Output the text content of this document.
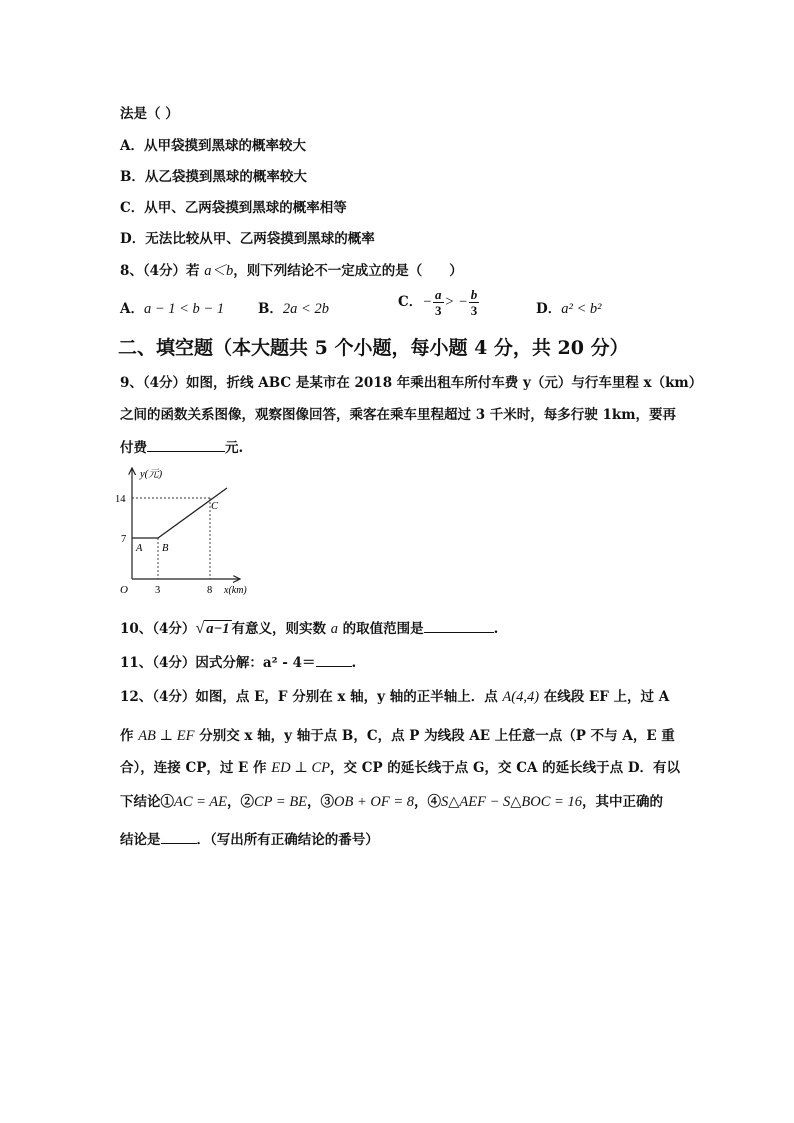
法是（ ）
A．从甲袋摸到黑球的概率较大
B．从乙袋摸到黑球的概率较大
C．从甲、乙两袋摸到黑球的概率相等
D．无法比较从甲、乙两袋摸到黑球的概率
8、（4分）若 a＜b，则下列结论不一定成立的是（　　）
A．a − 1 < b − 1	B．2a < 2b	C．− $\frac{a}{3}$ > − $\frac{b}{3}$	D．a² < b²
二、填空题（本大题共 5 个小题，每小题 4 分，共 20 分）
9、（4分）如图，折线 ABC 是某市在 2018 年乘出租车所付车费 y（元）与行车里程 x（km）
之间的函数关系图像，观察图像回答，乘客在乘车里程超过 3 千米时，每多行驶 1km，要再
付费	元.
y(元)
x(km)
O
14
7
3	8
A B
C
10、（4分）√ a−1 有意义，则实数 a 的取值范围是	.
11、（4分）因式分解：a² - 4＝	.
12、（4分）如图，点 E，F 分别在 x 轴，y 轴的正半轴上．点 A(4,4) 在线段 EF 上，过 A
作 AB ⊥ EF 分别交 x 轴，y 轴于点 B，C，点 P 为线段 AE 上任意一点（P 不与 A，E 重
合），连接 CP，过 E 作 ED ⊥ CP，交 CP 的延长线于点 G，交 CA 的延长线于点 D．有以
下结论①AC = AE，②CP = BE，③OB + OF = 8，④S△AEF − S△BOC = 16，其中正确的
结论是	．（写出所有正确结论的番号）
